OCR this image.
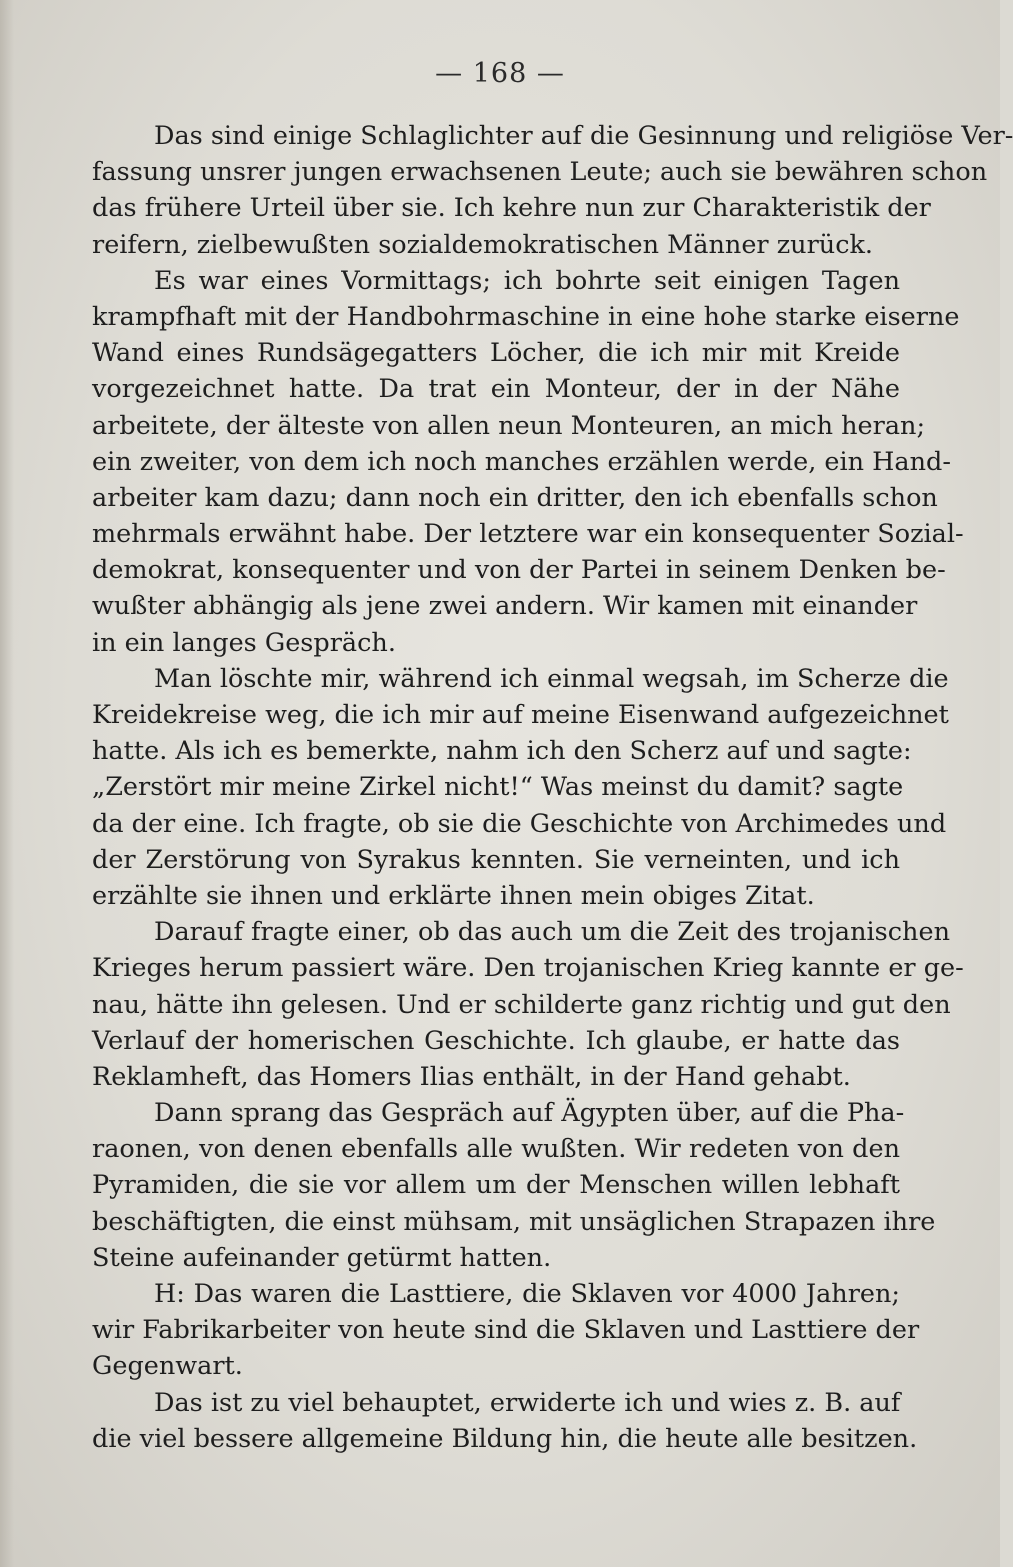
— 168 —
Das sind einige Schlaglichter auf die Gesinnung und religiöse Ver-
fassung unsrer jungen erwachsenen Leute; auch sie bewähren schon
das frühere Urteil über sie. Ich kehre nun zur Charakteristik der
reifern, zielbewußten sozialdemokratischen Männer zurück.
Es war eines Vormittags; ich bohrte seit einigen Tagen
krampfhaft mit der Handbohrmaschine in eine hohe starke eiserne
Wand eines Rundsägegatters Löcher, die ich mir mit Kreide
vorgezeichnet hatte. Da trat ein Monteur, der in der Nähe
arbeitete, der älteste von allen neun Monteuren, an mich heran;
ein zweiter, von dem ich noch manches erzählen werde, ein Hand-
arbeiter kam dazu; dann noch ein dritter, den ich ebenfalls schon
mehrmals erwähnt habe. Der letztere war ein konsequenter Sozial-
demokrat, konsequenter und von der Partei in seinem Denken be-
wußter abhängig als jene zwei andern. Wir kamen mit einander
in ein langes Gespräch.
Man löschte mir, während ich einmal wegsah, im Scherze die
Kreidekreise weg, die ich mir auf meine Eisenwand aufgezeichnet
hatte. Als ich es bemerkte, nahm ich den Scherz auf und sagte:
„Zerstört mir meine Zirkel nicht!“ Was meinst du damit? sagte
da der eine. Ich fragte, ob sie die Geschichte von Archimedes und
der Zerstörung von Syrakus kennten. Sie verneinten, und ich
erzählte sie ihnen und erklärte ihnen mein obiges Zitat.
Darauf fragte einer, ob das auch um die Zeit des trojanischen
Krieges herum passiert wäre. Den trojanischen Krieg kannte er ge-
nau, hätte ihn gelesen. Und er schilderte ganz richtig und gut den
Verlauf der homerischen Geschichte. Ich glaube, er hatte das
Reklamheft, das Homers Ilias enthält, in der Hand gehabt.
Dann sprang das Gespräch auf Ägypten über, auf die Pha-
raonen, von denen ebenfalls alle wußten. Wir redeten von den
Pyramiden, die sie vor allem um der Menschen willen lebhaft
beschäftigten, die einst mühsam, mit unsäglichen Strapazen ihre
Steine aufeinander getürmt hatten.
H: Das waren die Lasttiere, die Sklaven vor 4000 Jahren;
wir Fabrikarbeiter von heute sind die Sklaven und Lasttiere der
Gegenwart.
Das ist zu viel behauptet, erwiderte ich und wies z. B. auf
die viel bessere allgemeine Bildung hin, die heute alle besitzen.
